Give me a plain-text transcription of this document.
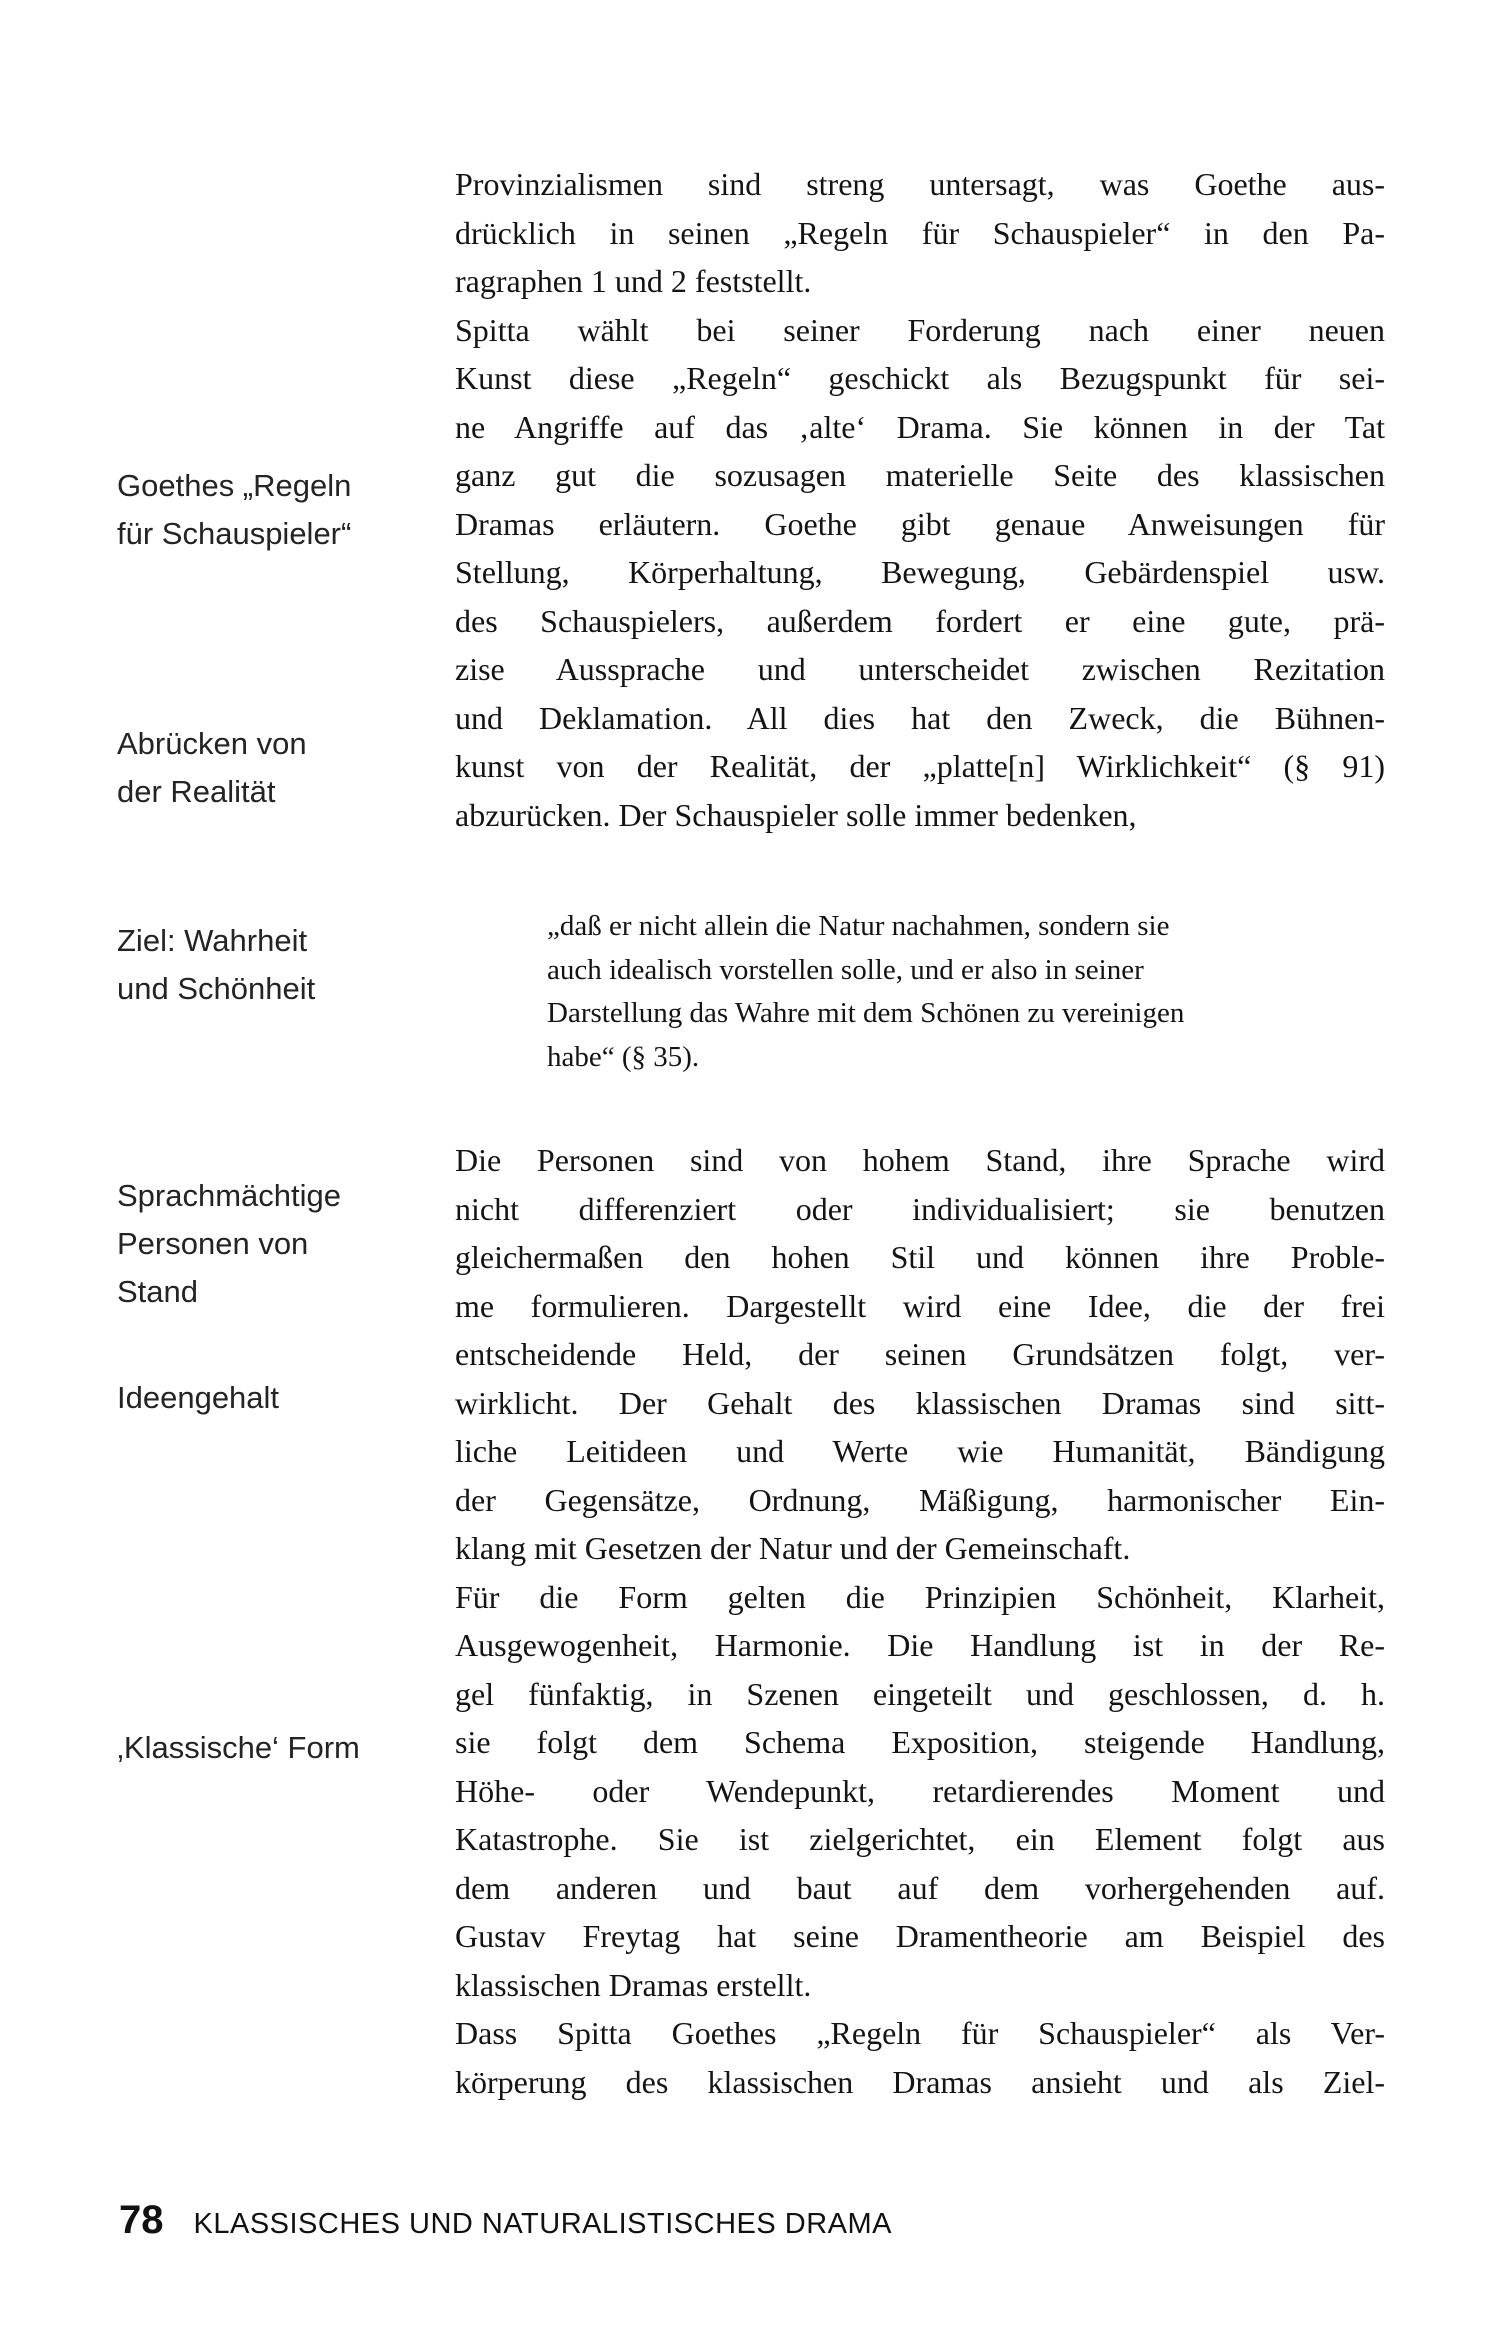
Goethes „Regeln
für Schauspieler“
Abrücken von
der Realität
Ziel: Wahrheit
und Schönheit
Sprachmächtige
Personen von
Stand
Ideengehalt
‚Klassische‘ Form
Provinzialismen sind streng untersagt, was Goethe aus-
drücklich in seinen „Regeln für Schauspieler“ in den Pa-
ragraphen 1 und 2 feststellt.
Spitta wählt bei seiner Forderung nach einer neuen
Kunst diese „Regeln“ geschickt als Bezugspunkt für sei-
ne Angriffe auf das ‚alte‘ Drama. Sie können in der Tat
ganz gut die sozusagen materielle Seite des klassischen
Dramas erläutern. Goethe gibt genaue Anweisungen für
Stellung, Körperhaltung, Bewegung, Gebärdenspiel usw.
des Schauspielers, außerdem fordert er eine gute, prä-
zise Aussprache und unterscheidet zwischen Rezitation
und Deklamation. All dies hat den Zweck, die Bühnen-
kunst von der Realität, der „platte[n] Wirklichkeit“ (§ 91)
abzurücken. Der Schauspieler solle immer bedenken,
„daß er nicht allein die Natur nachahmen, sondern sie
auch idealisch vorstellen solle, und er also in seiner
Darstellung das Wahre mit dem Schönen zu vereinigen
habe“ (§ 35).
Die Personen sind von hohem Stand, ihre Sprache wird
nicht differenziert oder individualisiert; sie benutzen
gleichermaßen den hohen Stil und können ihre Proble-
me formulieren. Dargestellt wird eine Idee, die der frei
entscheidende Held, der seinen Grundsätzen folgt, ver-
wirklicht. Der Gehalt des klassischen Dramas sind sitt-
liche Leitideen und Werte wie Humanität, Bändigung
der Gegensätze, Ordnung, Mäßigung, harmonischer Ein-
klang mit Gesetzen der Natur und der Gemeinschaft.
Für die Form gelten die Prinzipien Schönheit, Klarheit,
Ausgewogenheit, Harmonie. Die Handlung ist in der Re-
gel fünfaktig, in Szenen eingeteilt und geschlossen, d. h.
sie folgt dem Schema Exposition, steigende Handlung,
Höhe- oder Wendepunkt, retardierendes Moment und
Katastrophe. Sie ist zielgerichtet, ein Element folgt aus
dem anderen und baut auf dem vorhergehenden auf.
Gustav Freytag hat seine Dramentheorie am Beispiel des
klassischen Dramas erstellt.
Dass Spitta Goethes „Regeln für Schauspieler“ als Ver-
körperung des klassischen Dramas ansieht und als Ziel-
78 KLASSISCHES UND NATURALISTISCHES DRAMA
